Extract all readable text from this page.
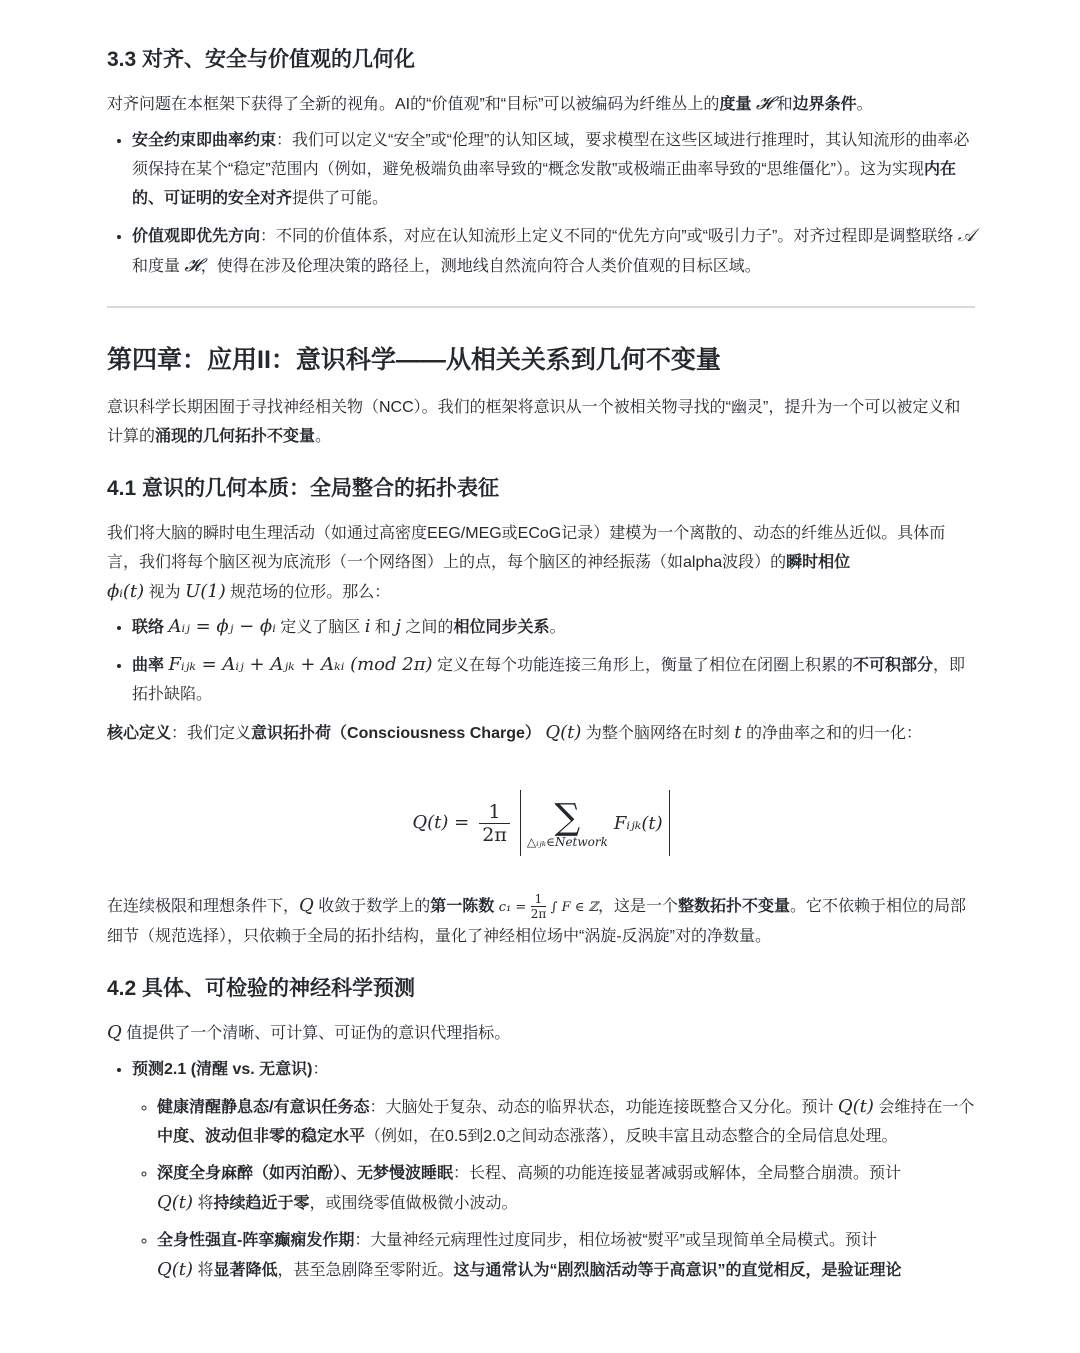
3.3 对齐、安全与价值观的几何化

对齐问题在本框架下获得了全新的视角。AI的“价值观”和“目标”可以被编码为纤维丛上的度量 𝓗 和边界条件。

• 安全约束即曲率约束：我们可以定义“安全”或“伦理”的认知区域，要求模型在这些区域进行推理时，其认知流形的曲率必须保持在某个“稳定”范围内（例如，避免极端负曲率导致的“概念发散”或极端正曲率导致的“思维僵化”）。这为实现内在的、可证明的安全对齐提供了可能。
• 价值观即优先方向：不同的价值体系，对应在认知流形上定义不同的“优先方向”或“吸引力子”。对齐过程即是调整联络 𝒜 和度量 𝓗，使得在涉及伦理决策的路径上，测地线自然流向符合人类价值观的目标区域。
第四章：应用II：意识科学——从相关关系到几何不变量

意识科学长期困囿于寻找神经相关物（NCC）。我们的框架将意识从一个被相关物寻找的“幽灵”，提升为一个可以被定义和计算的涌现的几何拓扑不变量。

4.1 意识的几何本质：全局整合的拓扑表征

我们将大脑的瞬时电生理活动（如通过高密度EEG/MEG或ECoG记录）建模为一个离散的、动态的纤维丛近似。具体而言，我们将每个脑区视为底流形（一个网络图）上的点，每个脑区的神经振荡（如alpha波段）的瞬时相位
ϕᵢ(t) 视为 U(1) 规范场的位形。那么：

• 联络 Aᵢⱼ = ϕⱼ − ϕᵢ 定义了脑区 i 和 j 之间的相位同步关系。
• 曲率 Fᵢⱼₖ = Aᵢⱼ + Aⱼₖ + Aₖᵢ (mod 2π) 定义在每个功能连接三角形上，衡量了相位在闭圈上积累的不可积部分，即拓扑缺陷。

核心定义：我们定义意识拓扑荷（Consciousness Charge） Q(t) 为整个脑网络在时刻 t 的净曲率之和的归一化：

$Q(t) = \frac{1}{2\pi}$
	∑
△ᵢⱼₖ∈Network
Fᵢⱼₖ(t)

在连续极限和理想条件下，Q 收敛于数学上的第一陈数 $c_1 = \frac{1}{2\pi}$ ∫ F ∈ ℤ，这是一个整数拓扑不变量。它不依赖于相位的局部细节（规范选择），只依赖于全局的拓扑结构，量化了神经相位场中“涡旋-反涡旋”对的净数量。

4.2 具体、可检验的神经科学预测

Q 值提供了一个清晰、可计算、可证伪的意识代理指标。

• 预测2.1 (清醒 vs. 无意识)：
◦ 健康清醒静息态/有意识任务态：大脑处于复杂、动态的临界状态，功能连接既整合又分化。预计 Q(t) 会维持在一个中度、波动但非零的稳定水平（例如，在0.5到2.0之间动态涨落），反映丰富且动态整合的全局信息处理。
◦ 深度全身麻醉（如丙泊酚）、无梦慢波睡眠：长程、高频的功能连接显著减弱或解体，全局整合崩溃。预计
Q(t) 将持续趋近于零，或围绕零值做极微小波动。
◦ 全身性强直-阵挛癫痫发作期：大量神经元病理性过度同步，相位场被“熨平”或呈现简单全局模式。预计
Q(t) 将显著降低，甚至急剧降至零附近。这与通常认为“剧烈脑活动等于高意识”的直觉相反，是验证理论
